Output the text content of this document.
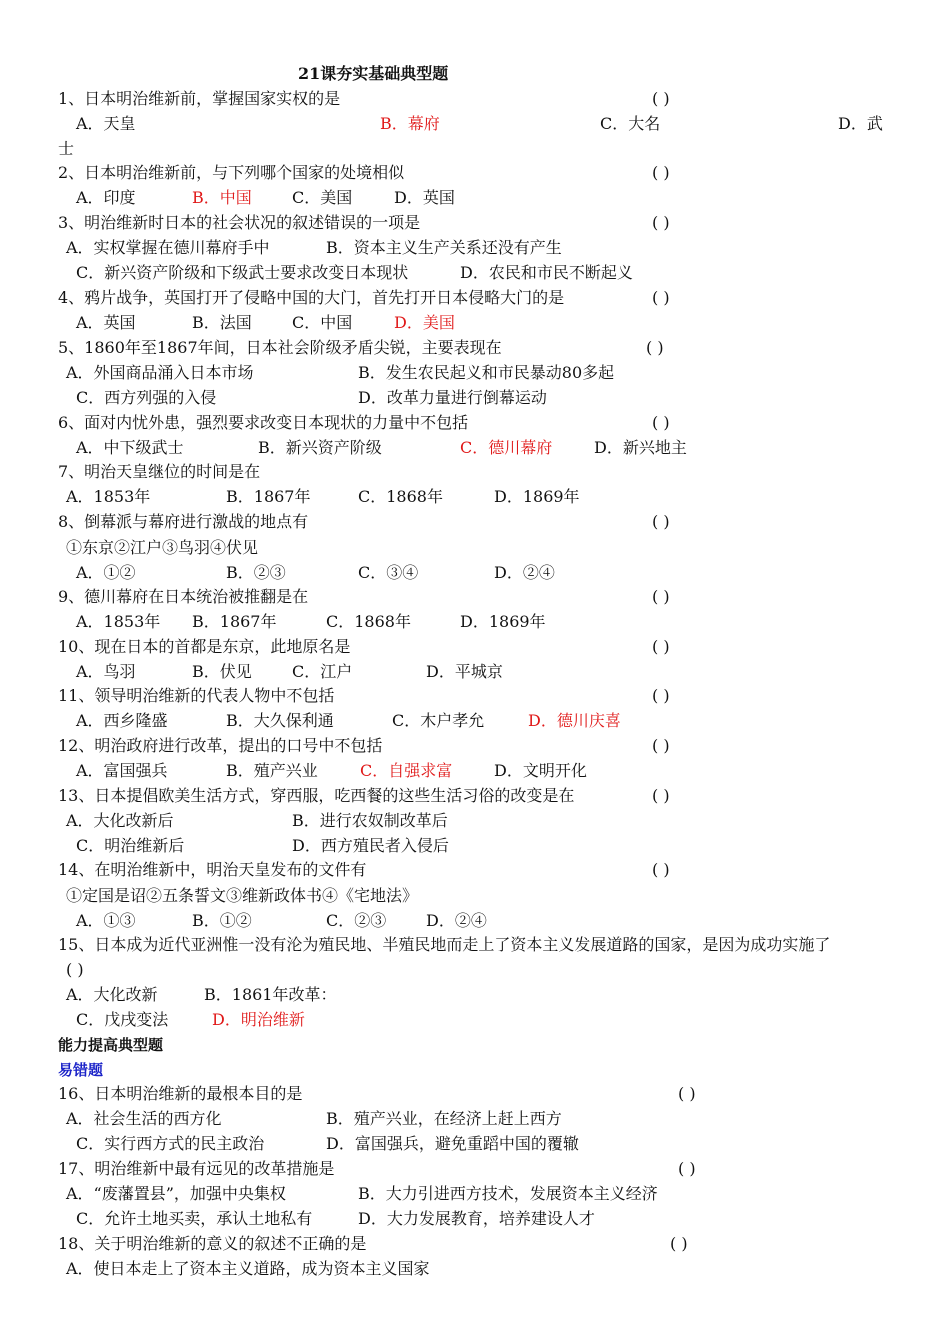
21课夯实基础典型题
1、日本明治维新前，掌握国家实权的是	( )
A．天皇	B．幕府	C．大名	D．武
士
2、日本明治维新前，与下列哪个国家的处境相似	( )
A．印度	B．中国	C．美国	D．英国
3、明治维新时日本的社会状况的叙述错误的一项是	( )
A．实权掌握在德川幕府手中	B．资本主义生产关系还没有产生
C．新兴资产阶级和下级武士要求改变日本现状	D．农民和市民不断起义
4、鸦片战争，英国打开了侵略中国的大门，首先打开日本侵略大门的是	( )
A．英国	B．法国	C．中国	D．美国
5、1860年至1867年间，日本社会阶级矛盾尖锐，主要表现在	( )
A．外国商品涌入日本市场	B．发生农民起义和市民暴动80多起
C．西方列强的入侵	D．改革力量进行倒幕运动
6、面对内忧外患，强烈要求改变日本现状的力量中不包括	( )
A．中下级武士	B．新兴资产阶级	C．德川幕府	D．新兴地主
7、明治天皇继位的时间是在
A．1853年	B．1867年	C．1868年	D．1869年
8、倒幕派与幕府进行激战的地点有	( )
①东京②江户③鸟羽④伏见
A．①②	B．②③	C．③④	D．②④
9、德川幕府在日本统治被推翻是在	( )
A．1853年 B．1867年	C．1868年	D．1869年
10、现在日本的首都是东京，此地原名是	( )
A．鸟羽	B．伏见	C．江户	D．平城京
11、领导明治维新的代表人物中不包括	( )
A．西乡隆盛	B．大久保利通	C．木户孝允	D．德川庆喜
12、明治政府进行改革，提出的口号中不包括	( )
A．富国强兵	B．殖产兴业	C．自强求富	D．文明开化
13、日本提倡欧美生活方式，穿西服，吃西餐的这些生活习俗的改变是在	( )
A．大化改新后	B．进行农奴制改革后
C．明治维新后	D．西方殖民者入侵后
14、在明治维新中，明治天皇发布的文件有	( )
①定国是诏②五条誓文③维新政体书④《宅地法》
A．①③	B．①②	C．②③ D．②④
15、日本成为近代亚洲惟一没有沦为殖民地、半殖民地而走上了资本主义发展道路的国家，是因为成功实施了
( )
A．大化改新	B．1861年改革：
C．戊戌变法	D．明治维新
能力提高典型题
易错题
16、日本明治维新的最根本目的是	( )
A．社会生活的西方化	B．殖产兴业，在经济上赶上西方
C．实行西方式的民主政治	D．富国强兵，避免重蹈中国的覆辙
17、明治维新中最有远见的改革措施是	( )
A．“废藩置县”，加强中央集权	B．大力引进西方技术，发展资本主义经济
C．允许土地买卖，承认土地私有	D．大力发展教育，培养建设人才
18、关于明治维新的意义的叙述不正确的是	( )
A．使日本走上了资本主义道路，成为资本主义国家
